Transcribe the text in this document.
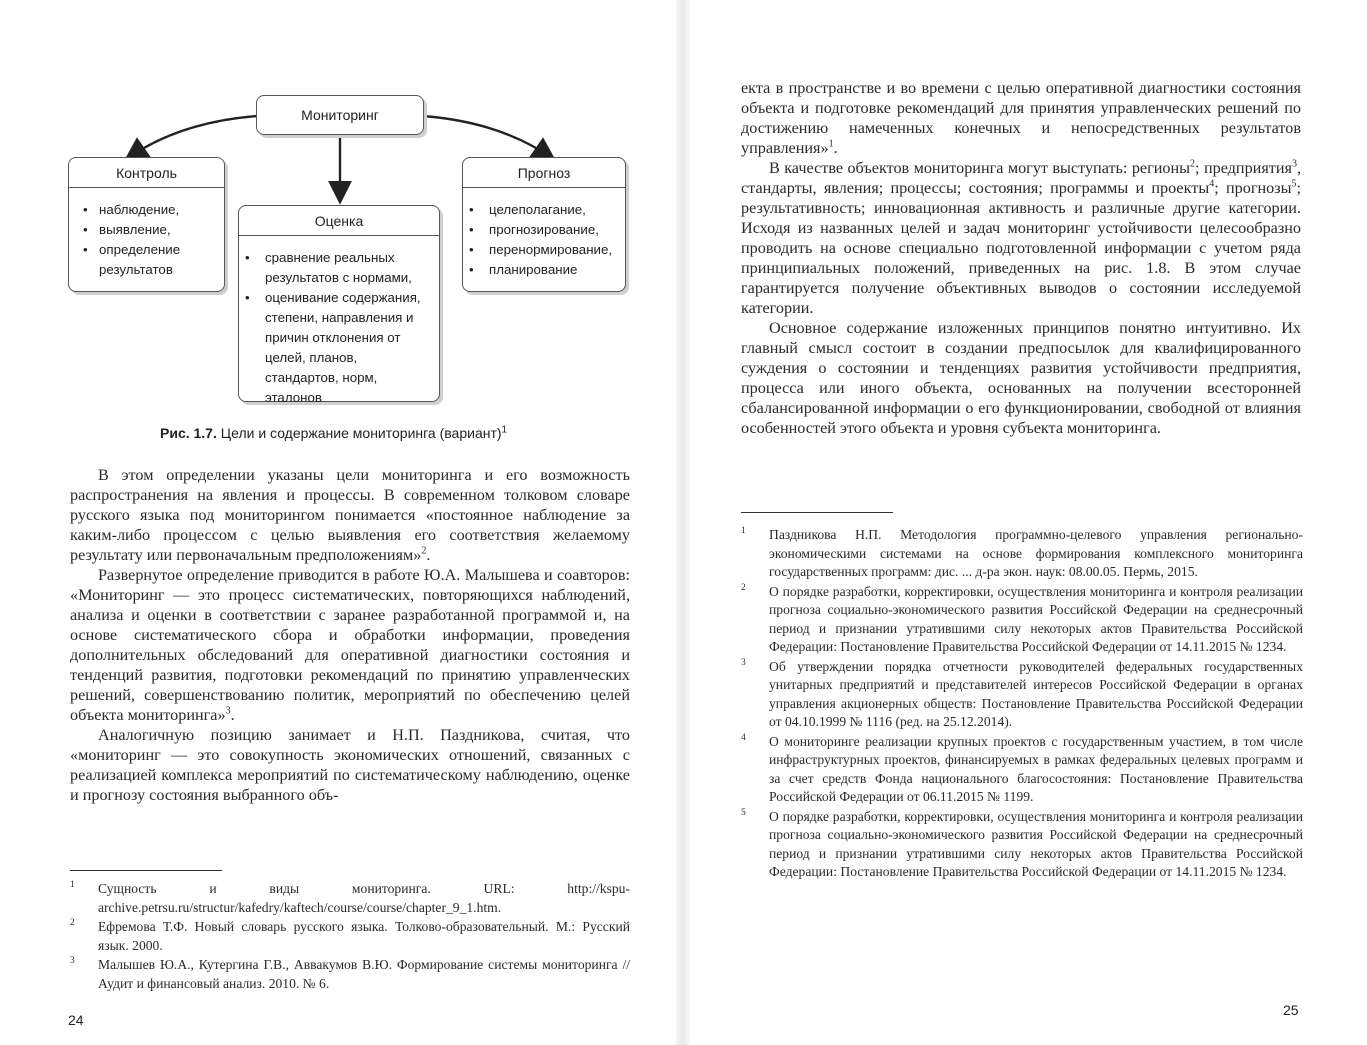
Мониторинг
Контроль
• наблюдение,
• выявление,
• определение результатов
Оценка
• сравнение реальных результатов с нормами,
• оценивание содержания, степени, направления и причин отклонения от целей, планов, стандартов, норм, эталонов
Прогноз
• целеполагание,
• прогнозирование,
• перенормирование,
• планирование
Рис. 1.7. Цели и содержание мониторинга (вариант)$^1$

В этом определении указаны цели мониторинга и его возможность распространения на явления и процессы. В современном толковом словаре русского языка под мониторингом понимается «постоянное наблюдение за каким-либо процессом с целью выявления его соответствия желаемому результату или первоначальным предположениям»$^2$.

Развернутое определение приводится в работе Ю.А. Малышева и соавторов: «Мониторинг — это процесс систематических, повторяющихся наблюдений, анализа и оценки в соответствии с заранее разработанной программой и, на основе систематического сбора и обработки информации, проведения дополнительных обследований для оперативной диагностики состояния и тенденций развития, подготовки рекомендаций по принятию управленческих решений, совершенствованию политик, мероприятий по обеспечению целей объекта мониторинга»$^3$.

Аналогичную позицию занимает и Н.П. Паздникова, считая, что «мониторинг — это совокупность экономических отношений, связанных с реализацией комплекса мероприятий по систематическому наблюдению, оценке и прогнозу состояния выбранного объ-

1 Сущность и виды мониторинга. URL: http://kspu-archive.petrsu.ru/structur/kafedry/kaftech/course/course/chapter_9_1.htm.
2 Ефремова Т.Ф. Новый словарь русского языка. Толково-образовательный. М.: Русский язык. 2000.
3 Малышев Ю.А., Кутергина Г.В., Аввакумов В.Ю. Формирование системы мониторинга // Аудит и финансовый анализ. 2010. № 6.
24

екта в пространстве и во времени с целью оперативной диагностики состояния объекта и подготовке рекомендаций для принятия управленческих решений по достижению намеченных конечных и непосредственных результатов управления»$^1$.

В качестве объектов мониторинга могут выступать: регионы$^2$; предприятия$^3$, стандарты, явления; процессы; состояния; программы и проекты$^4$; прогнозы$^5$; результативность; инновационная активность и различные другие категории. Исходя из названных целей и задач мониторинг устойчивости целесообразно проводить на основе специально подготовленной информации с учетом ряда принципиальных положений, приведенных на рис. 1.8. В этом случае гарантируется получение объективных выводов о состоянии исследуемой категории.

Основное содержание изложенных принципов понятно интуитивно. Их главный смысл состоит в создании предпосылок для квалифицированного суждения о состоянии и тенденциях развития устойчивости предприятия, процесса или иного объекта, основанных на получении всесторонней сбалансированной информации о его функционировании, свободной от влияния особенностей этого объекта и уровня субъекта мониторинга.

1 Паздникова Н.П. Методология программно-целевого управления регионально-экономическими системами на основе формирования комплексного мониторинга государственных программ: дис. ... д-ра экон. наук: 08.00.05. Пермь, 2015.
2 О порядке разработки, корректировки, осуществления мониторинга и контроля реализации прогноза социально-экономического развития Российской Федерации на среднесрочный период и признании утратившими силу некоторых актов Правительства Российской Федерации: Постановление Правительства Российской Федерации от 14.11.2015 № 1234.
3 Об утверждении порядка отчетности руководителей федеральных государственных унитарных предприятий и представителей интересов Российской Федерации в органах управления акционерных обществ: Постановление Правительства Российской Федерации от 04.10.1999 № 1116 (ред. на 25.12.2014).
4 О мониторинге реализации крупных проектов с государственным участием, в том числе инфраструктурных проектов, финансируемых в рамках федеральных целевых программ и за счет средств Фонда национального благосостояния: Постановление Правительства Российской Федерации от 06.11.2015 № 1199.
5 О порядке разработки, корректировки, осуществления мониторинга и контроля реализации прогноза социально-экономического развития Российской Федерации на среднесрочный период и признании утратившими силу некоторых актов Правительства Российской Федерации: Постановление Правительства Российской Федерации от 14.11.2015 № 1234.
25
